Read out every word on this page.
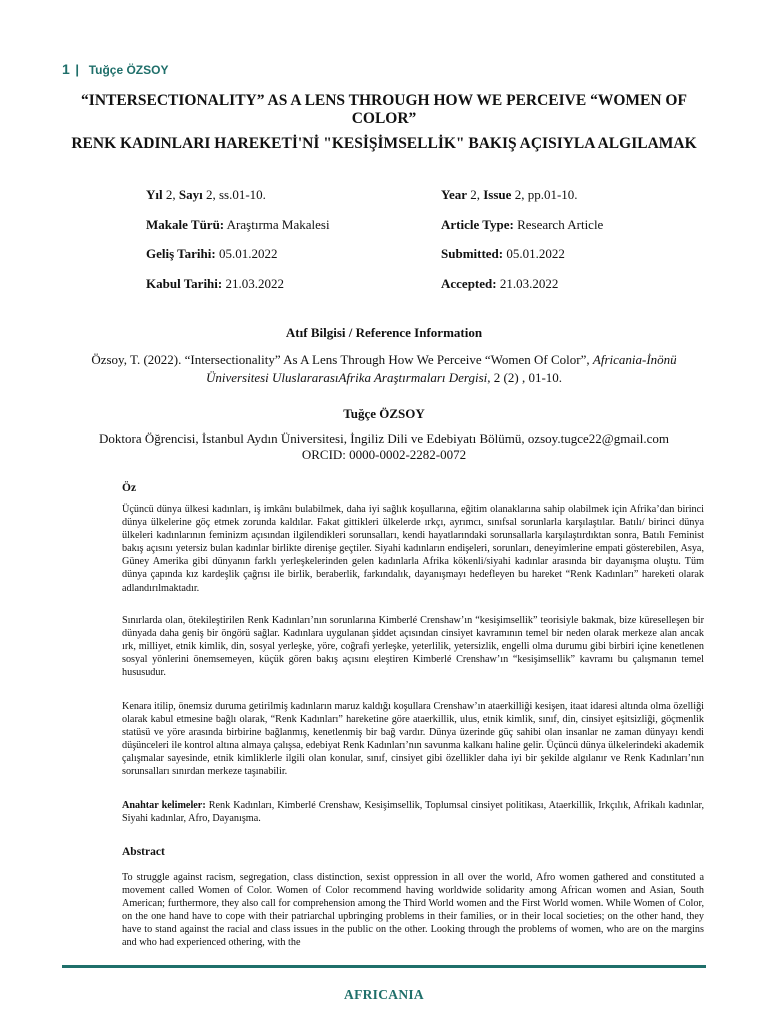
1 | Tuğçe ÖZSOY
“INTERSECTIONALITY” AS A LENS THROUGH HOW WE PERCEIVE “WOMEN OF COLOR”
RENK KADINLARI HAREKETİ'Nİ "KESİŞİMSELLİK" BAKIŞ AÇISIYLA ALGILAMAK
Yıl 2, Sayı 2, ss.01-10.	Year 2, Issue 2, pp.01-10.
Makale Türü: Araştırma Makalesi	Article Type: Research Article
Geliş Tarihi: 05.01.2022	Submitted: 05.01.2022
Kabul Tarihi: 21.03.2022	Accepted: 21.03.2022
Atıf Bilgisi / Reference Information

Özsoy, T. (2022). “Intersectionality” As A Lens Through How We Perceive “Women Of Color”, Africania-İnönü Üniversitesi UluslararasıAfrika Araştırmaları Dergisi, 2 (2) , 01-10.

Tuğçe ÖZSOY
Doktora Öğrencisi, İstanbul Aydın Üniversitesi, İngiliz Dili ve Edebiyatı Bölümü, ozsoy.tugce22@gmail.com
ORCID: 0000-0002-2282-0072
Öz

Üçüncü dünya ülkesi kadınları, iş imkânı bulabilmek, daha iyi sağlık koşullarına, eğitim olanaklarına sahip olabilmek için Afrika’dan birinci dünya ülkelerine göç etmek zorunda kaldılar. Fakat gittikleri ülkelerde ırkçı, ayrımcı, sınıfsal sorunlarla karşılaştılar. Batılı/ birinci dünya ülkeleri kadınlarının feminizm açısından ilgilendikleri sorunsalları, kendi hayatlarındaki sorunsallarla karşılaştırdıktan sonra, Batılı Feminist bakış açısını yetersiz bulan kadınlar birlikte direnişe geçtiler. Siyahi kadınların endişeleri, sorunları, deneyimlerine empati gösterebilen, Asya, Güney Amerika gibi dünyanın farklı yerleşkelerinden gelen kadınlarla Afrika kökenli/siyahi kadınlar arasında bir dayanışma oluştu. Tüm dünya çapında kız kardeşlik çağrısı ile birlik, beraberlik, farkındalık, dayanışmayı hedefleyen bu hareket “Renk Kadınları” hareketi olarak adlandırılmaktadır.

Sınırlarda olan, ötekileştirilen Renk Kadınları’nın sorunlarına Kimberlé Crenshaw’ın “kesişimsellik” teorisiyle bakmak, bize küreselleşen bir dünyada daha geniş bir öngörü sağlar. Kadınlara uygulanan şiddet açısından cinsiyet kavramının temel bir neden olarak merkeze alan ancak ırk, milliyet, etnik kimlik, din, sosyal yerleşke, yöre, coğrafi yerleşke, yeterlilik, yetersizlik, engelli olma durumu gibi birbiri içine kenetlenen sosyal yönlerini önemsemeyen, küçük gören bakış açısını eleştiren Kimberlé Crenshaw’ın “kesişimsellik” kavramı bu çalışmanın temel hususudur.

Kenara itilip, önemsiz duruma getirilmiş kadınların maruz kaldığı koşullara Crenshaw’ın ataerkilliği kesişen, itaat idaresi altında olma özelliği olarak kabul etmesine bağlı olarak, “Renk Kadınları” hareketine göre ataerkillik, ulus, etnik kimlik, sınıf, din, cinsiyet eşitsizliği, göçmenlik statüsü ve yöre arasında birbirine bağlanmış, kenetlenmiş bir bağ vardır. Dünya üzerinde güç sahibi olan insanlar ne zaman dünyayı kendi düşünceleri ile kontrol altına almaya çalışsa, edebiyat Renk Kadınları’nın savunma kalkanı haline gelir. Üçüncü dünya ülkelerindeki akademik çalışmalar sayesinde, etnik kimliklerle ilgili olan konular, sınıf, cinsiyet gibi özellikler daha iyi bir şekilde algılanır ve Renk Kadınları’nın sorunsalları sınırdan merkeze taşınabilir.

Anahtar kelimeler: Renk Kadınları, Kimberlé Crenshaw, Kesişimsellik, Toplumsal cinsiyet politikası, Ataerkillik, Irkçılık, Afrikalı kadınlar, Siyahi kadınlar, Afro, Dayanışma.

Abstract

To struggle against racism, segregation, class distinction, sexist oppression in all over the world, Afro women gathered and constituted a movement called Women of Color. Women of Color recommend having worldwide solidarity among African women and Asian, South American; furthermore, they also call for comprehension among the Third World women and the First World women. While Women of Color, on the one hand have to cope with their patriarchal upbringing problems in their families, or in their local societies; on the other hand, they have to stand against the racial and class issues in the public on the other. Looking through the problems of women, who are on the margins and who had experienced othering, with the

AFRICANIA
